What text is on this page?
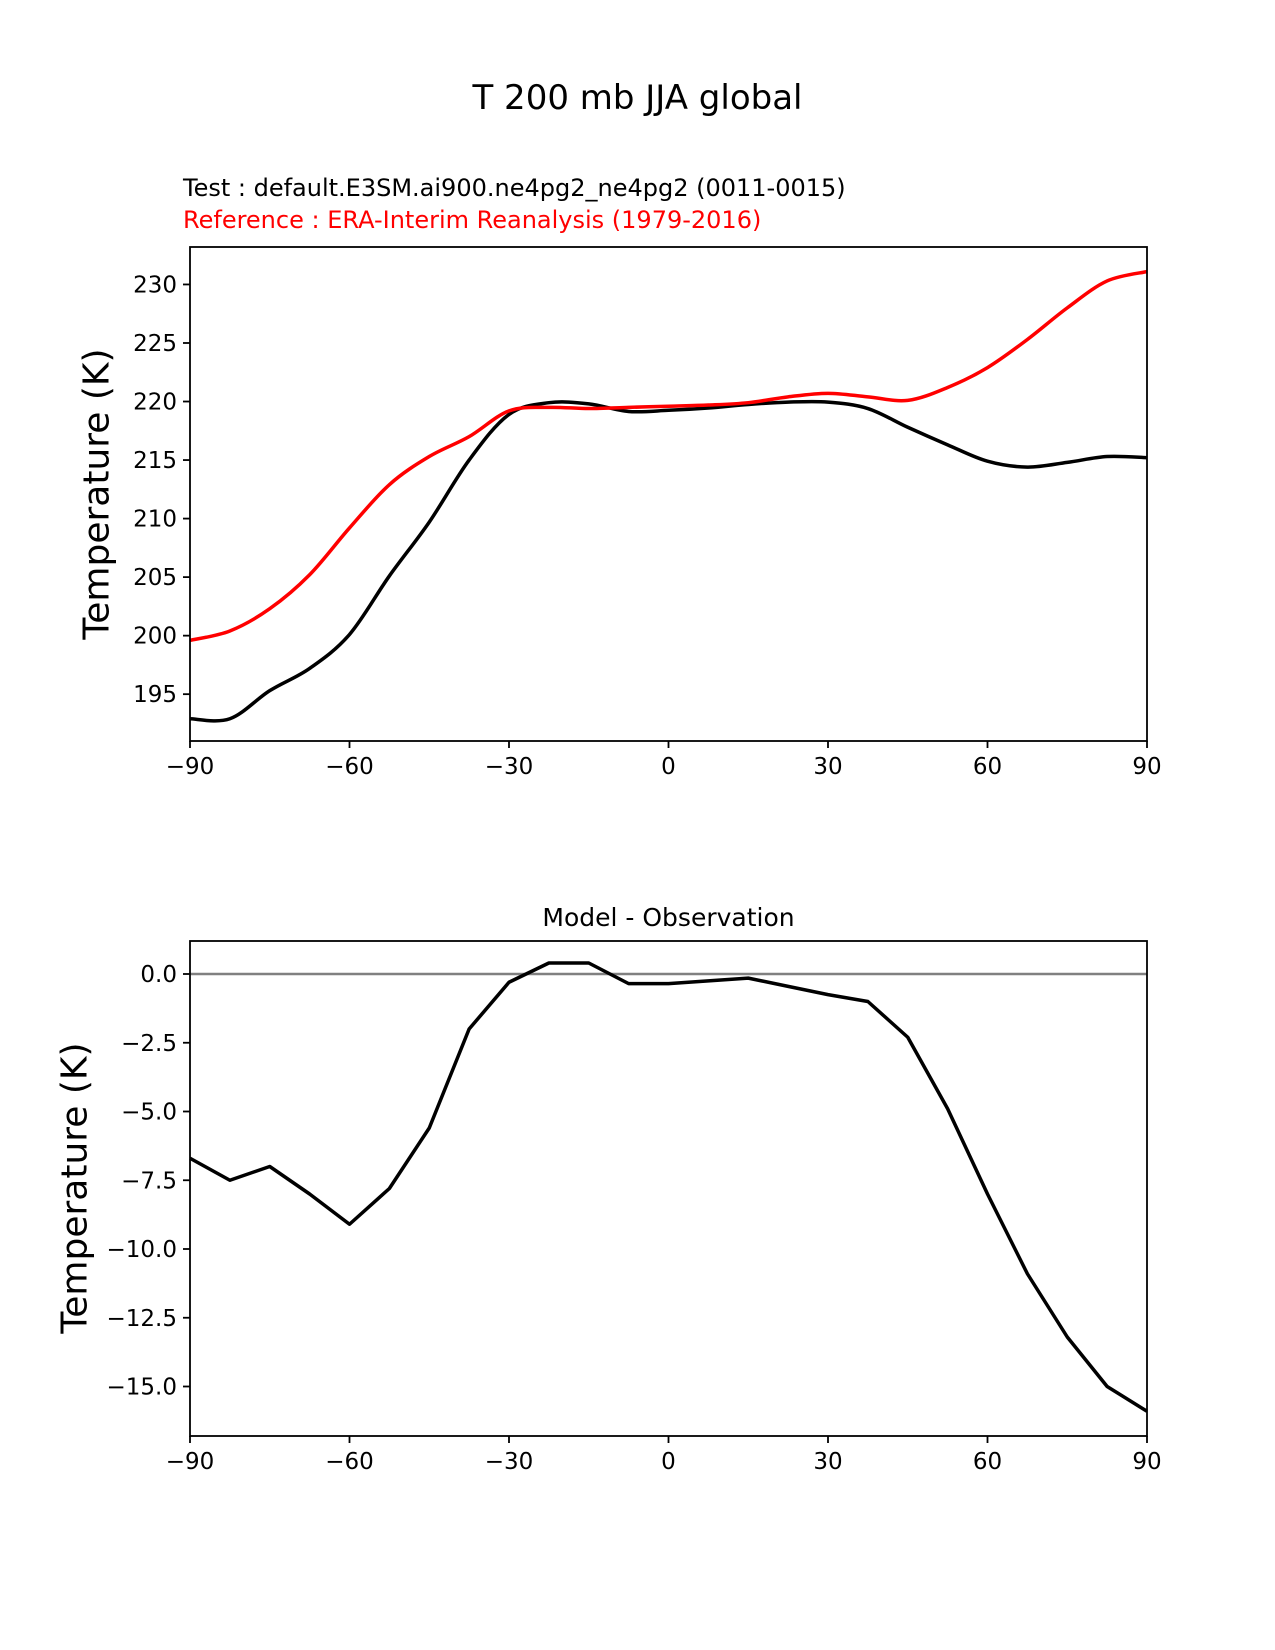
−90	−60	−30	0	30	60	90
195
200
205
210
215
220
225
230
−90	−60	−30	0	30	60	90
0.0
−2.5
−5.0
−7.5
−10.0
−12.5
−15.0
T 200 mb JJA global
Test : default.E3SM.ai900.ne4pg2_ne4pg2 (0011-0015)
Reference : ERA-Interim Reanalysis (1979-2016)
Temperature (K)
Temperature (K)
Model - Observation
